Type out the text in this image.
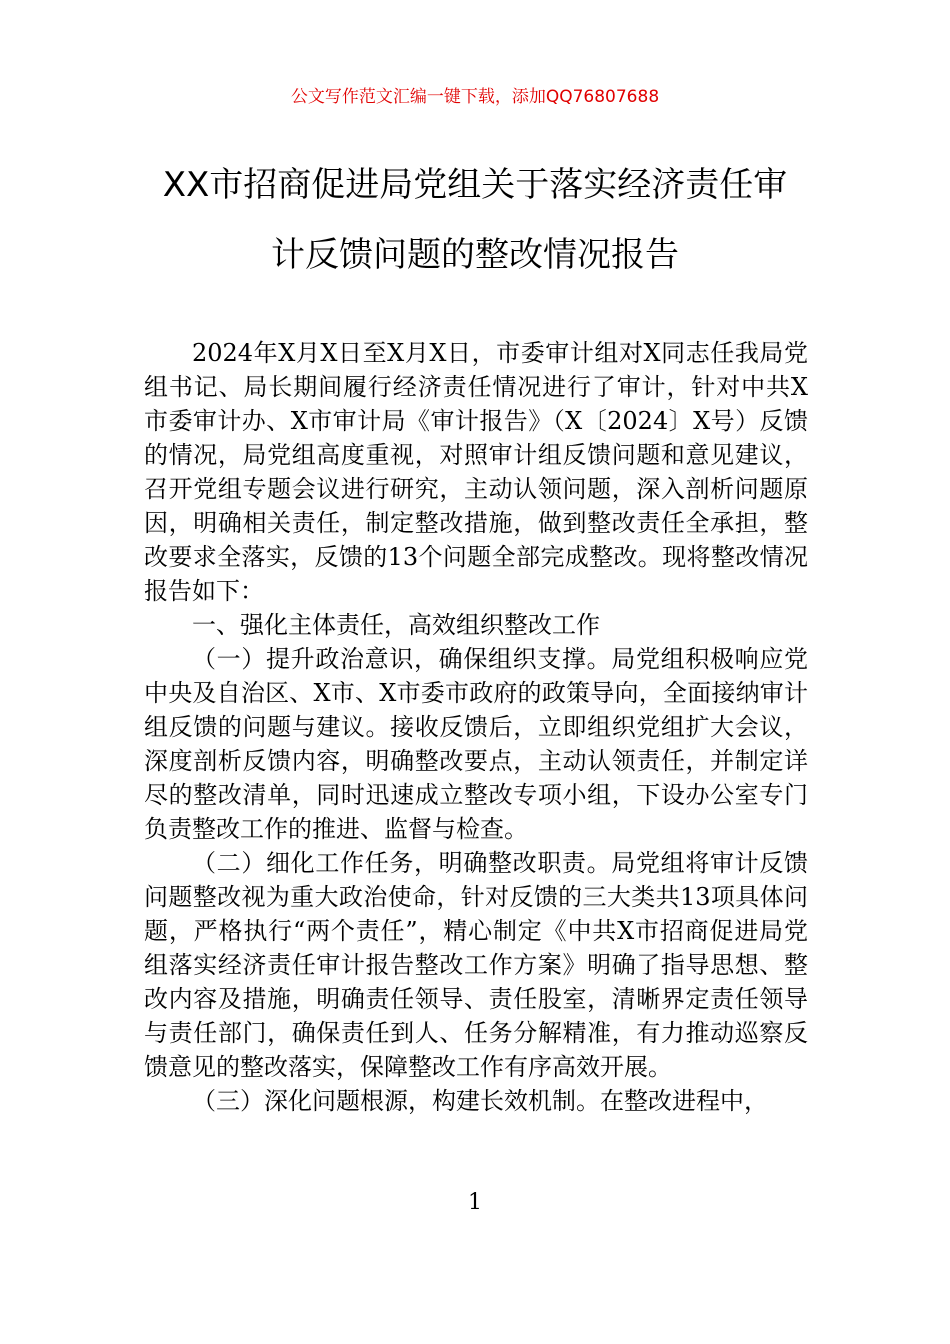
公文写作范文汇编一键下载，添加QQ76807688
XX市招商促进局党组关于落实经济责任审
计反馈问题的整改情况报告

2024年X月X日至X月X日，市委审计组对X同志任我局党组书记、局长期间履行经济责任情况进行了审计，针对中共X市委审计办、X市审计局《审计报告》（X〔2024〕X号）反馈的情况，局党组高度重视，对照审计组反馈问题和意见建议，召开党组专题会议进行研究，主动认领问题，深入剖析问题原因，明确相关责任，制定整改措施，做到整改责任全承担，整改要求全落实，反馈的13个问题全部完成整改。现将整改情况报告如下：

一、强化主体责任，高效组织整改工作

（一）提升政治意识，确保组织支撑。局党组积极响应党中央及自治区、X市、X市委市政府的政策导向，全面接纳审计组反馈的问题与建议。接收反馈后，立即组织党组扩大会议，深度剖析反馈内容，明确整改要点，主动认领责任，并制定详尽的整改清单，同时迅速成立整改专项小组，下设办公室专门负责整改工作的推进、监督与检查。

（二）细化工作任务，明确整改职责。局党组将审计反馈问题整改视为重大政治使命，针对反馈的三大类共13项具体问题，严格执行“两个责任”，精心制定《中共X市招商促进局党组落实经济责任审计报告整改工作方案》明确了指导思想、整改内容及措施，明确责任领导、责任股室，清晰界定责任领导与责任部门，确保责任到人、任务分解精准，有力推动巡察反馈意见的整改落实，保障整改工作有序高效开展。

（三）深化问题根源，构建长效机制。在整改进程中，

1
